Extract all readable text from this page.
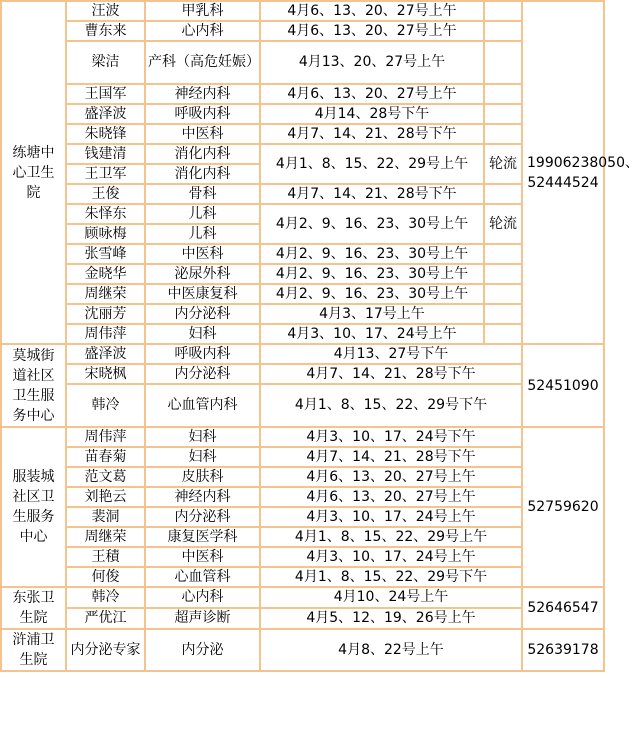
练塘中心卫生院	汪波	甲乳科	4月6、13、20、27号上午		19906238050、52444524
	曹东来	心内科	4月6、13、20、27号上午		
	梁洁	产科（高危妊娠）	4月13、20、27号上午		
	王国军	神经内科	4月6、13、20、27号上午		
	盛泽波	呼吸内科	4月14、28号下午		
	朱晓锋	中医科	4月7、14、21、28号下午		
	钱建清	消化内科	4月1、8、15、22、29号上午	轮流	
	王卫军	消化内科			
	王俊	骨科	4月7、14、21、28号下午		
	朱怿东	儿科	4月2、9、16、23、30号上午	轮流	
	顾咏梅	儿科			
	张雪峰	中医科	4月2、9、16、23、30号上午		
	金晓华	泌尿外科	4月2、9、16、23、30号上午		
	周继荣	中医康复科	4月2、9、16、23、30号上午		
	沈丽芳	内分泌科	4月3、17号上午		
	周伟萍	妇科	4月3、10、17、24号上午		
莫城街道社区卫生服务中心	盛泽波	呼吸内科	4月13、27号下午		52451090
	宋晓枫	内分泌科	4月7、14、21、28号下午		
	韩冷	心血管内科	4月1、8、15、22、29号下午		
服装城社区卫生服务中心	周伟萍	妇科	4月3、10、17、24号下午		52759620
	苗春菊	妇科	4月7、14、21、28号下午		
	范文葛	皮肤科	4月6、13、20、27号上午		
	刘艳云	神经内科	4月6、13、20、27号上午		
	裴洞	内分泌科	4月3、10、17、24号上午		
	周继荣	康复医学科	4月1、8、15、22、29号上午		
	王積	中医科	4月3、10、17、24号上午		
	何俊	心血管科	4月1、8、15、22、29号下午		
东张卫生院	韩冷	心内科	4月10、24号上午		52646547
	严优江	超声诊断	4月5、12、19、26号上午		
浒浦卫生院	内分泌专家	内分泌	4月8、22号上午		52639178
